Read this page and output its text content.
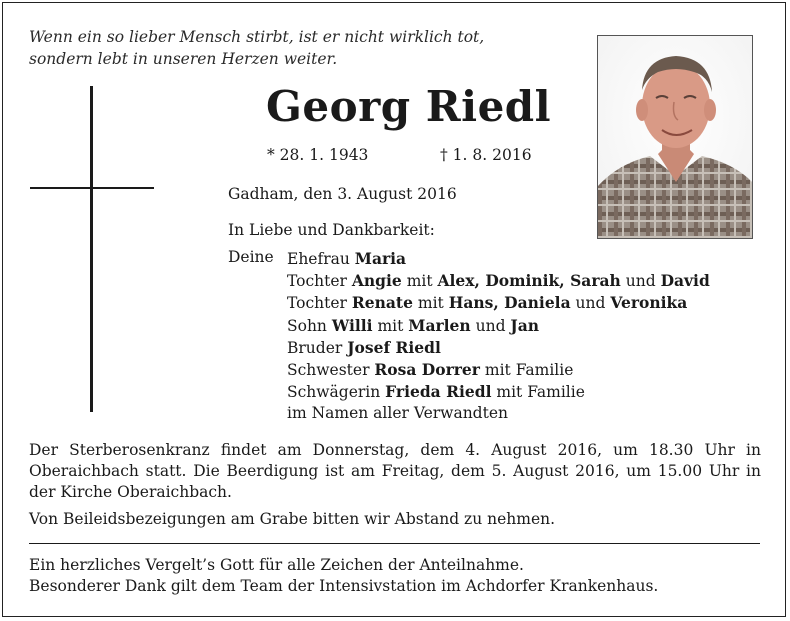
Wenn ein so lieber Mensch stirbt, ist er nicht wirklich tot,
sondern lebt in unseren Herzen weiter.
Georg Riedl
* 28. 1. 1943	† 1. 8. 2016
Gadham, den 3. August 2016
In Liebe und Dankbarkeit:
Deine Ehefrau Maria
Tochter Angie mit Alex, Dominik, Sarah und David
Tochter Renate mit Hans, Daniela und Veronika
Sohn Willi mit Marlen und Jan
Bruder Josef Riedl
Schwester Rosa Dorrer mit Familie
Schwägerin Frieda Riedl mit Familie
im Namen aller Verwandten
Der Sterberosenkranz findet am Donnerstag, dem 4. August 2016, um 18.30 Uhr in Oberaichbach statt. Die Beerdigung ist am Freitag, dem 5. August 2016, um 15.00 Uhr in der Kirche Oberaichbach.
Von Beileidsbezeigungen am Grabe bitten wir Abstand zu nehmen.
Ein herzliches Vergelt’s Gott für alle Zeichen der Anteilnahme.
Besonderer Dank gilt dem Team der Intensivstation im Achdorfer Krankenhaus.
